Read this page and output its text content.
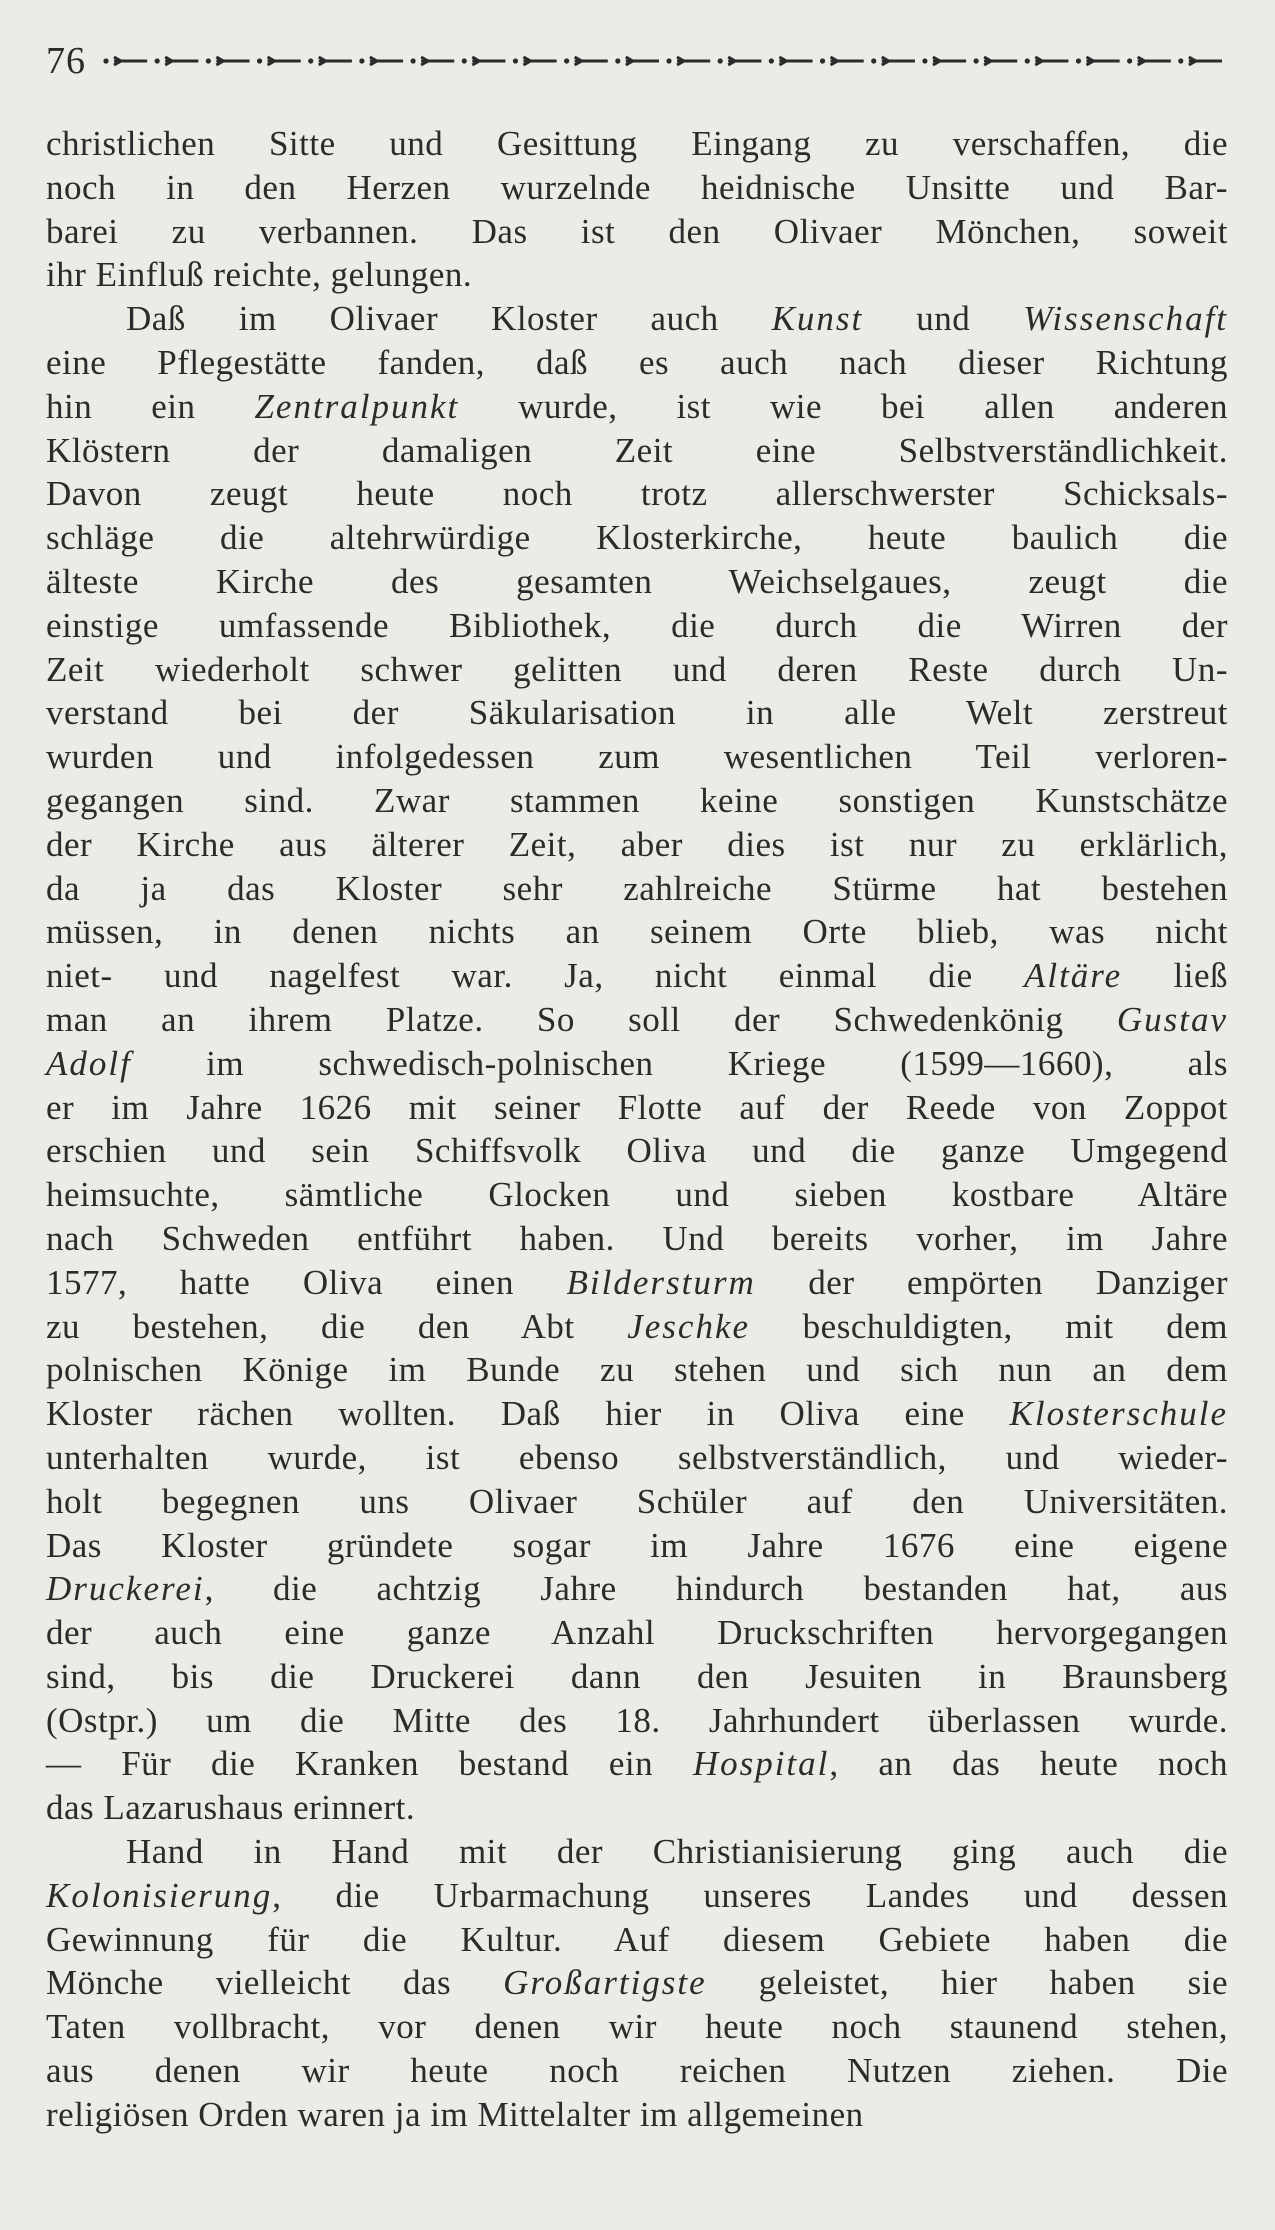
76
christlichen Sitte und Gesittung Eingang zu verschaffen, die
noch in den Herzen wurzelnde heidnische Unsitte und Bar-
barei zu verbannen. Das ist den Olivaer Mönchen, soweit
ihr Einfluß reichte, gelungen.
Daß im Olivaer Kloster auch Kunst und Wissenschaft
eine Pflegestätte fanden, daß es auch nach dieser Richtung
hin ein Zentralpunkt wurde, ist wie bei allen anderen
Klöstern der damaligen Zeit eine Selbstverständlichkeit.
Davon zeugt heute noch trotz allerschwerster Schicksals-
schläge die altehrwürdige Klosterkirche, heute baulich die
älteste Kirche des gesamten Weichselgaues, zeugt die
einstige umfassende Bibliothek, die durch die Wirren der
Zeit wiederholt schwer gelitten und deren Reste durch Un-
verstand bei der Säkularisation in alle Welt zerstreut
wurden und infolgedessen zum wesentlichen Teil verloren-
gegangen sind. Zwar stammen keine sonstigen Kunstschätze
der Kirche aus älterer Zeit, aber dies ist nur zu erklärlich,
da ja das Kloster sehr zahlreiche Stürme hat bestehen
müssen, in denen nichts an seinem Orte blieb, was nicht
niet- und nagelfest war. Ja, nicht einmal die Altäre ließ
man an ihrem Platze. So soll der Schwedenkönig Gustav
Adolf im schwedisch-polnischen Kriege (1599—1660), als
er im Jahre 1626 mit seiner Flotte auf der Reede von Zoppot
erschien und sein Schiffsvolk Oliva und die ganze Umgegend
heimsuchte, sämtliche Glocken und sieben kostbare Altäre
nach Schweden entführt haben. Und bereits vorher, im Jahre
1577, hatte Oliva einen Bildersturm der empörten Danziger
zu bestehen, die den Abt Jeschke beschuldigten, mit dem
polnischen Könige im Bunde zu stehen und sich nun an dem
Kloster rächen wollten. Daß hier in Oliva eine Klosterschule
unterhalten wurde, ist ebenso selbstverständlich, und wieder-
holt begegnen uns Olivaer Schüler auf den Universitäten.
Das Kloster gründete sogar im Jahre 1676 eine eigene
Druckerei, die achtzig Jahre hindurch bestanden hat, aus
der auch eine ganze Anzahl Druckschriften hervorgegangen
sind, bis die Druckerei dann den Jesuiten in Braunsberg
(Ostpr.) um die Mitte des 18. Jahrhundert überlassen wurde.
— Für die Kranken bestand ein Hospital, an das heute noch
das Lazarushaus erinnert.
Hand in Hand mit der Christianisierung ging auch die
Kolonisierung, die Urbarmachung unseres Landes und dessen
Gewinnung für die Kultur. Auf diesem Gebiete haben die
Mönche vielleicht das Großartigste geleistet, hier haben sie
Taten vollbracht, vor denen wir heute noch staunend stehen,
aus denen wir heute noch reichen Nutzen ziehen. Die
religiösen Orden waren ja im Mittelalter im allgemeinen
